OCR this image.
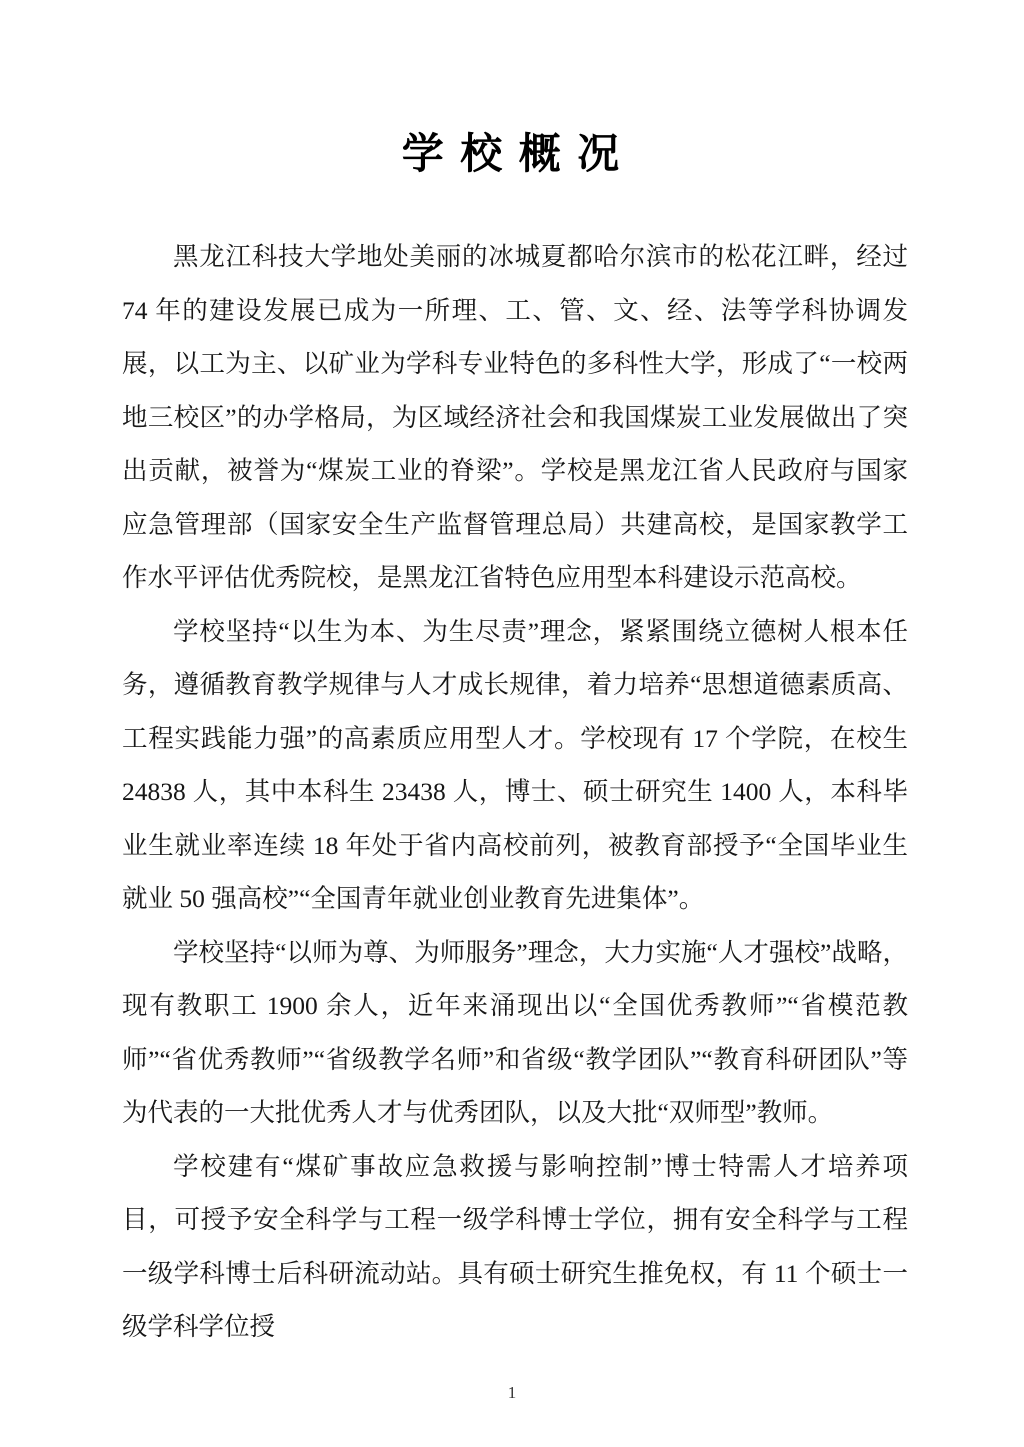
学 校 概 况

黑龙江科技大学地处美丽的冰城夏都哈尔滨市的松花江畔，经过 74 年的建设发展已成为一所理、工、管、文、经、法等学科协调发展，以工为主、以矿业为学科专业特色的多科性大学，形成了“一校两地三校区”的办学格局，为区域经济社会和我国煤炭工业发展做出了突出贡献，被誉为“煤炭工业的脊梁”。学校是黑龙江省人民政府与国家应急管理部（国家安全生产监督管理总局）共建高校，是国家教学工作水平评估优秀院校，是黑龙江省特色应用型本科建设示范高校。

学校坚持“以生为本、为生尽责”理念，紧紧围绕立德树人根本任务，遵循教育教学规律与人才成长规律，着力培养“思想道德素质高、工程实践能力强”的高素质应用型人才。学校现有 17 个学院，在校生 24838 人，其中本科生 23438 人，博士、硕士研究生 1400 人，本科毕业生就业率连续 18 年处于省内高校前列，被教育部授予“全国毕业生就业 50 强高校”“全国青年就业创业教育先进集体”。

学校坚持“以师为尊、为师服务”理念，大力实施“人才强校”战略，现有教职工 1900 余人，近年来涌现出以“全国优秀教师”“省模范教师”“省优秀教师”“省级教学名师”和省级“教学团队”“教育科研团队”等为代表的一大批优秀人才与优秀团队，以及大批“双师型”教师。

学校建有“煤矿事故应急救援与影响控制”博士特需人才培养项目，可授予安全科学与工程一级学科博士学位，拥有安全科学与工程一级学科博士后科研流动站。具有硕士研究生推免权，有 11 个硕士一级学科学位授

1
